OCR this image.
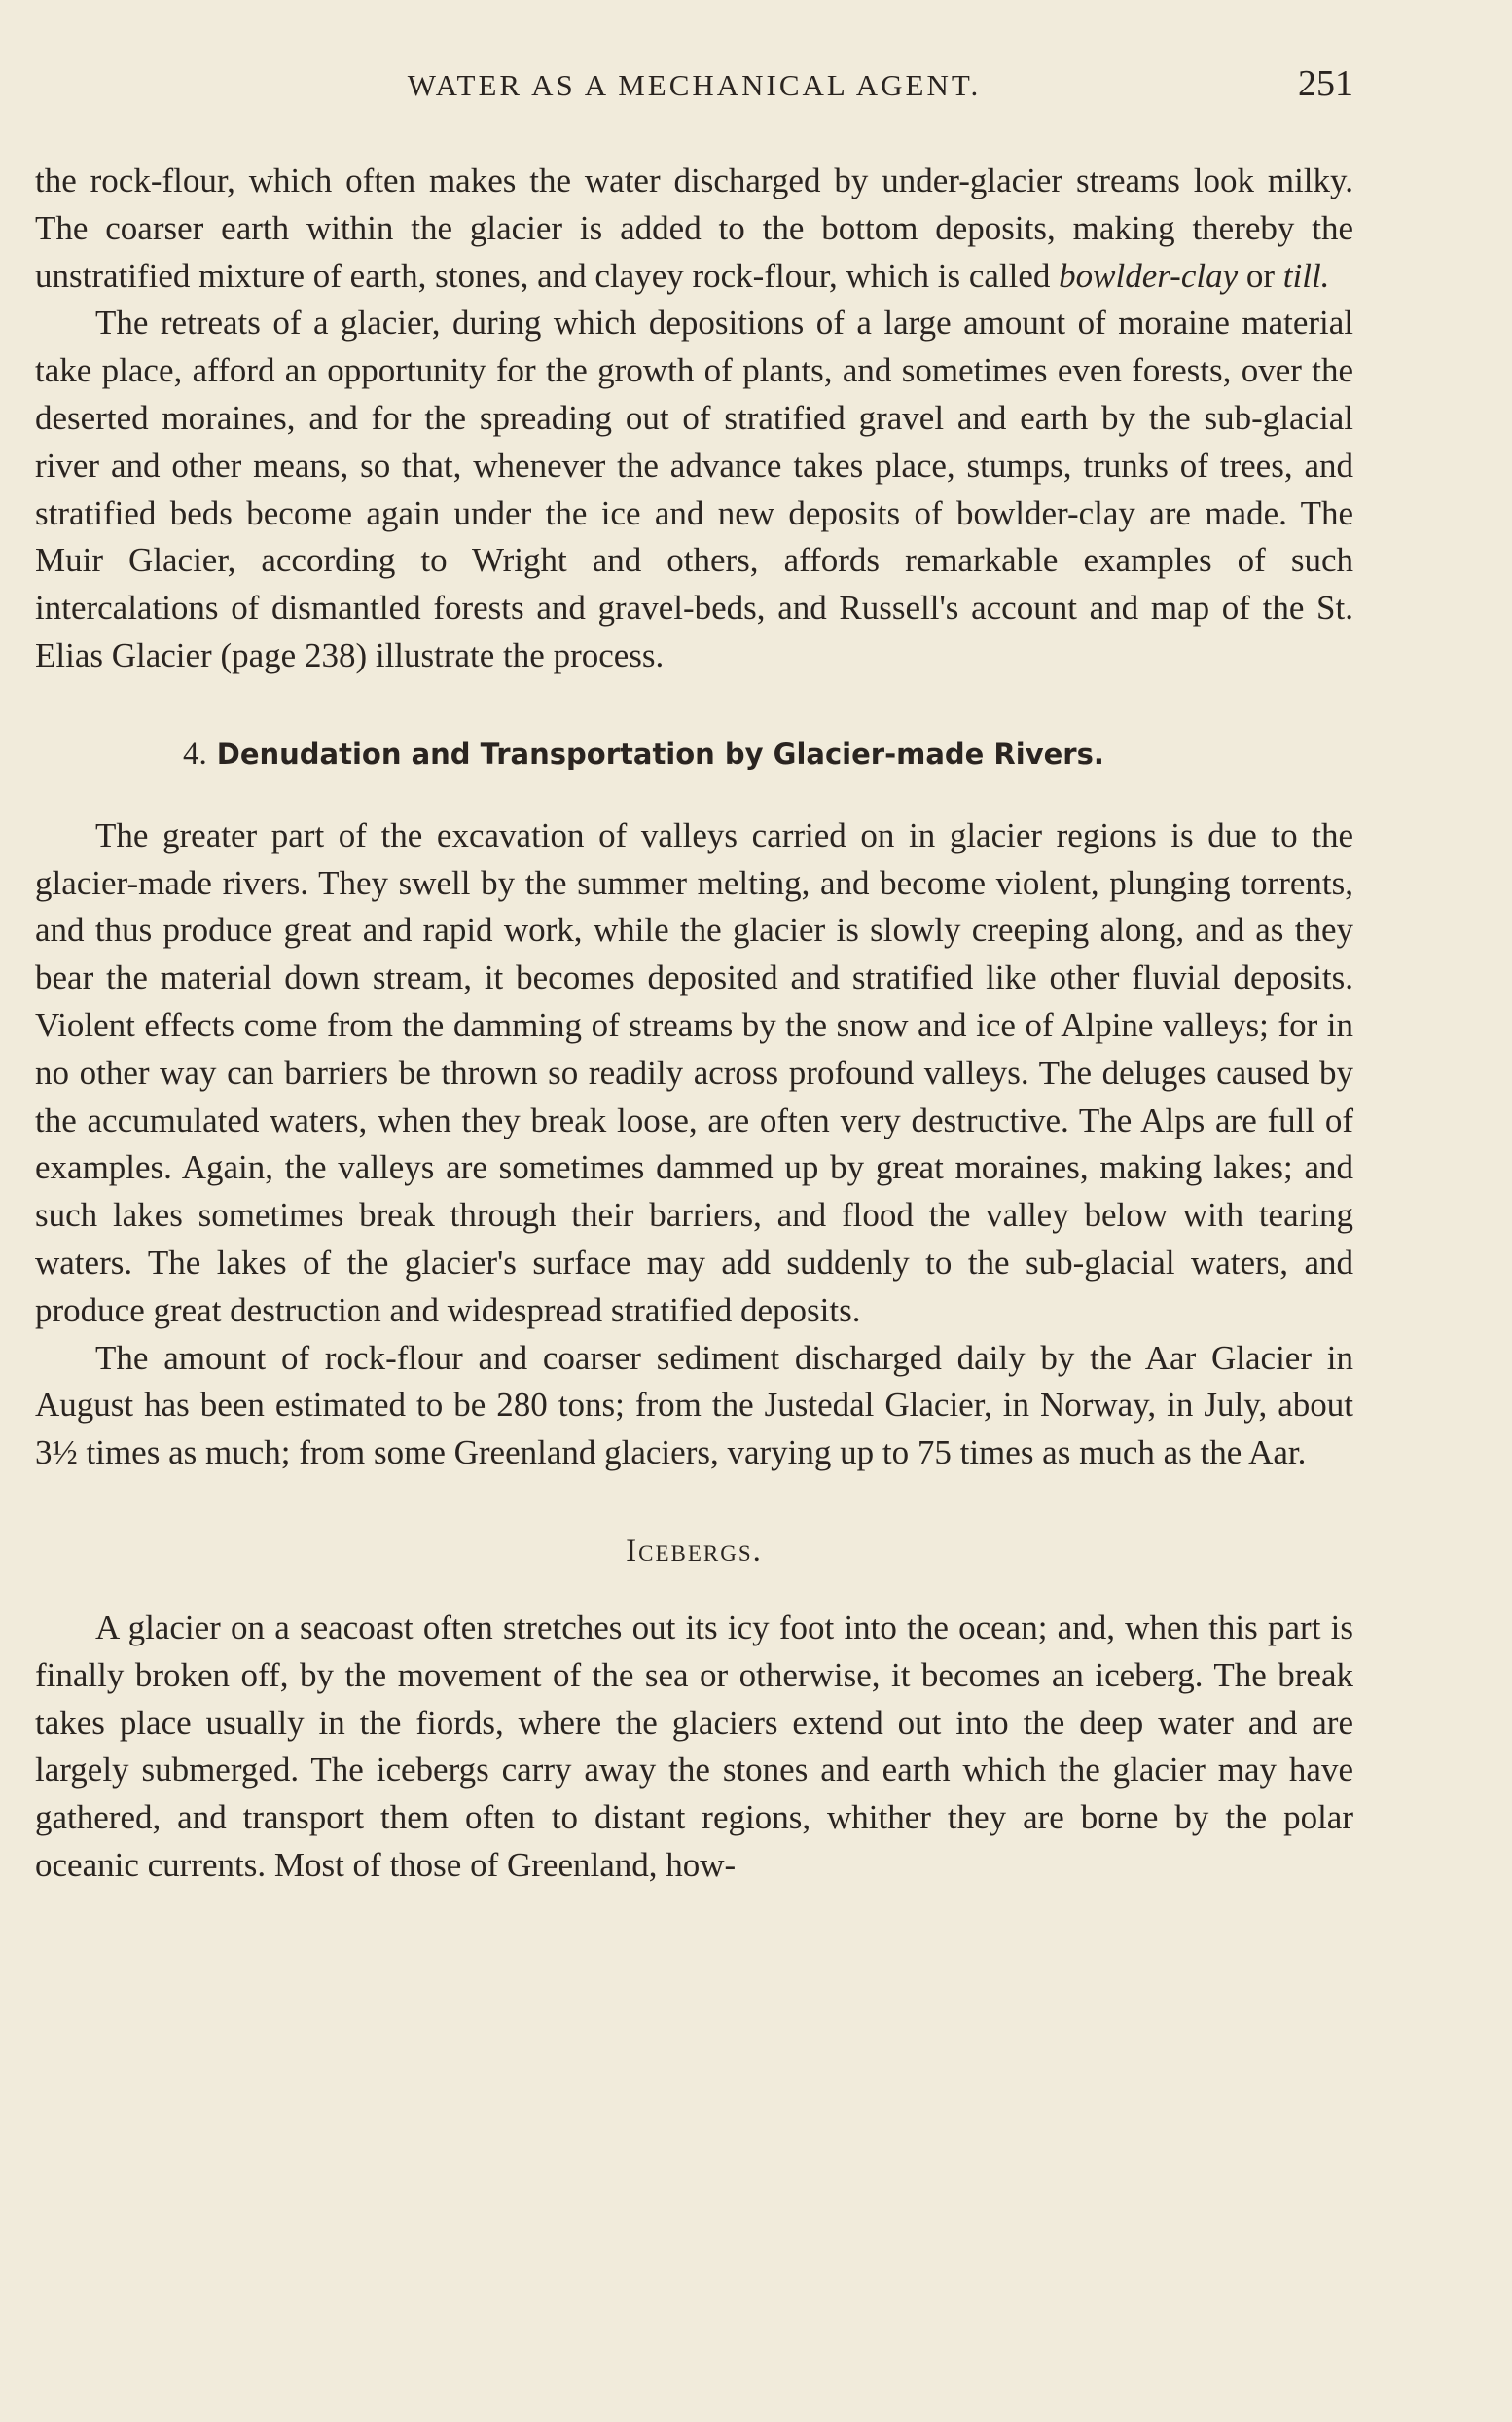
WATER AS A MECHANICAL AGENT.	251

the rock-flour, which often makes the water discharged by under-glacier streams look milky. The coarser earth within the glacier is added to the bottom deposits, making thereby the unstratified mixture of earth, stones, and clayey rock-flour, which is called bowlder-clay or till.

The retreats of a glacier, during which depositions of a large amount of moraine material take place, afford an opportunity for the growth of plants, and sometimes even forests, over the deserted moraines, and for the spreading out of stratified gravel and earth by the sub-glacial river and other means, so that, whenever the advance takes place, stumps, trunks of trees, and stratified beds become again under the ice and new deposits of bowlder-clay are made. The Muir Glacier, according to Wright and others, affords remarkable examples of such intercalations of dismantled forests and gravel-beds, and Russell's account and map of the St. Elias Glacier (page 238) illustrate the process.

4. Denudation and Transportation by Glacier-made Rivers.

The greater part of the excavation of valleys carried on in glacier regions is due to the glacier-made rivers. They swell by the summer melting, and become violent, plunging torrents, and thus produce great and rapid work, while the glacier is slowly creeping along, and as they bear the material down stream, it becomes deposited and stratified like other fluvial deposits. Violent effects come from the damming of streams by the snow and ice of Alpine valleys; for in no other way can barriers be thrown so readily across profound valleys. The deluges caused by the accumulated waters, when they break loose, are often very destructive. The Alps are full of examples. Again, the valleys are sometimes dammed up by great moraines, making lakes; and such lakes sometimes break through their barriers, and flood the valley below with tearing waters. The lakes of the glacier's surface may add suddenly to the sub-glacial waters, and produce great destruction and widespread stratified deposits.

The amount of rock-flour and coarser sediment discharged daily by the Aar Glacier in August has been estimated to be 280 tons; from the Justedal Glacier, in Norway, in July, about 3½ times as much; from some Greenland glaciers, varying up to 75 times as much as the Aar.

Icebergs.

A glacier on a seacoast often stretches out its icy foot into the ocean; and, when this part is finally broken off, by the movement of the sea or otherwise, it becomes an iceberg. The break takes place usually in the fiords, where the glaciers extend out into the deep water and are largely submerged. The icebergs carry away the stones and earth which the glacier may have gathered, and transport them often to distant regions, whither they are borne by the polar oceanic currents. Most of those of Greenland, how-
